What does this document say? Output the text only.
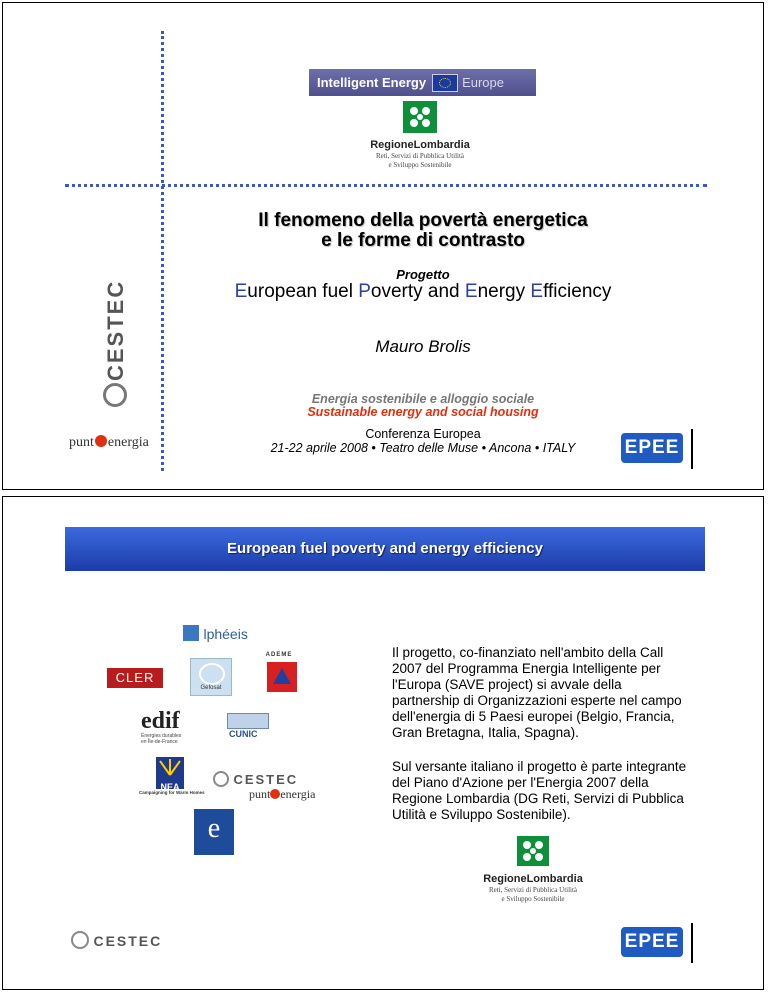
Intelligent Energy	Europe
RegioneLombardia
Reti, Servizi di Pubblica Utilità
e Sviluppo Sostenibile
CESTEC
punt energia
Il fenomeno della povertà energetica
e le forme di contrasto
Progetto
European fuel Poverty and Energy Efficiency
Mauro Brolis
Energia sostenibile e alloggio sociale
Sustainable energy and social housing
Conferenza Europea
21-22 aprile 2008 • Teatro delle Muse • Ancona • ITALY	EPEE
European fuel poverty and energy efficiency
lphéeis
ADEME
CLER
Gefosat
edif
Énergies durables
en Île-de-France
CUNIC
NEA
Campaigning for Warm Homes
CESTEC
punt energia
e
Il progetto, co-finanziato nell'ambito della Call 2007 del Programma Energia Intelligente per l'Europa (SAVE project) si avvale della partnership di Organizzazioni esperte nel campo dell'energia di 5 Paesi europei (Belgio, Francia, Gran Bretagna, Italia, Spagna).
Sul versante italiano il progetto è parte integrante del Piano d'Azione per l'Energia 2007 della Regione Lombardia (DG Reti, Servizi di Pubblica Utilità e Sviluppo Sostenibile).
RegioneLombardia
Reti, Servizi di Pubblica Utilità
e Sviluppo Sostenibile
CESTEC	EPEE
